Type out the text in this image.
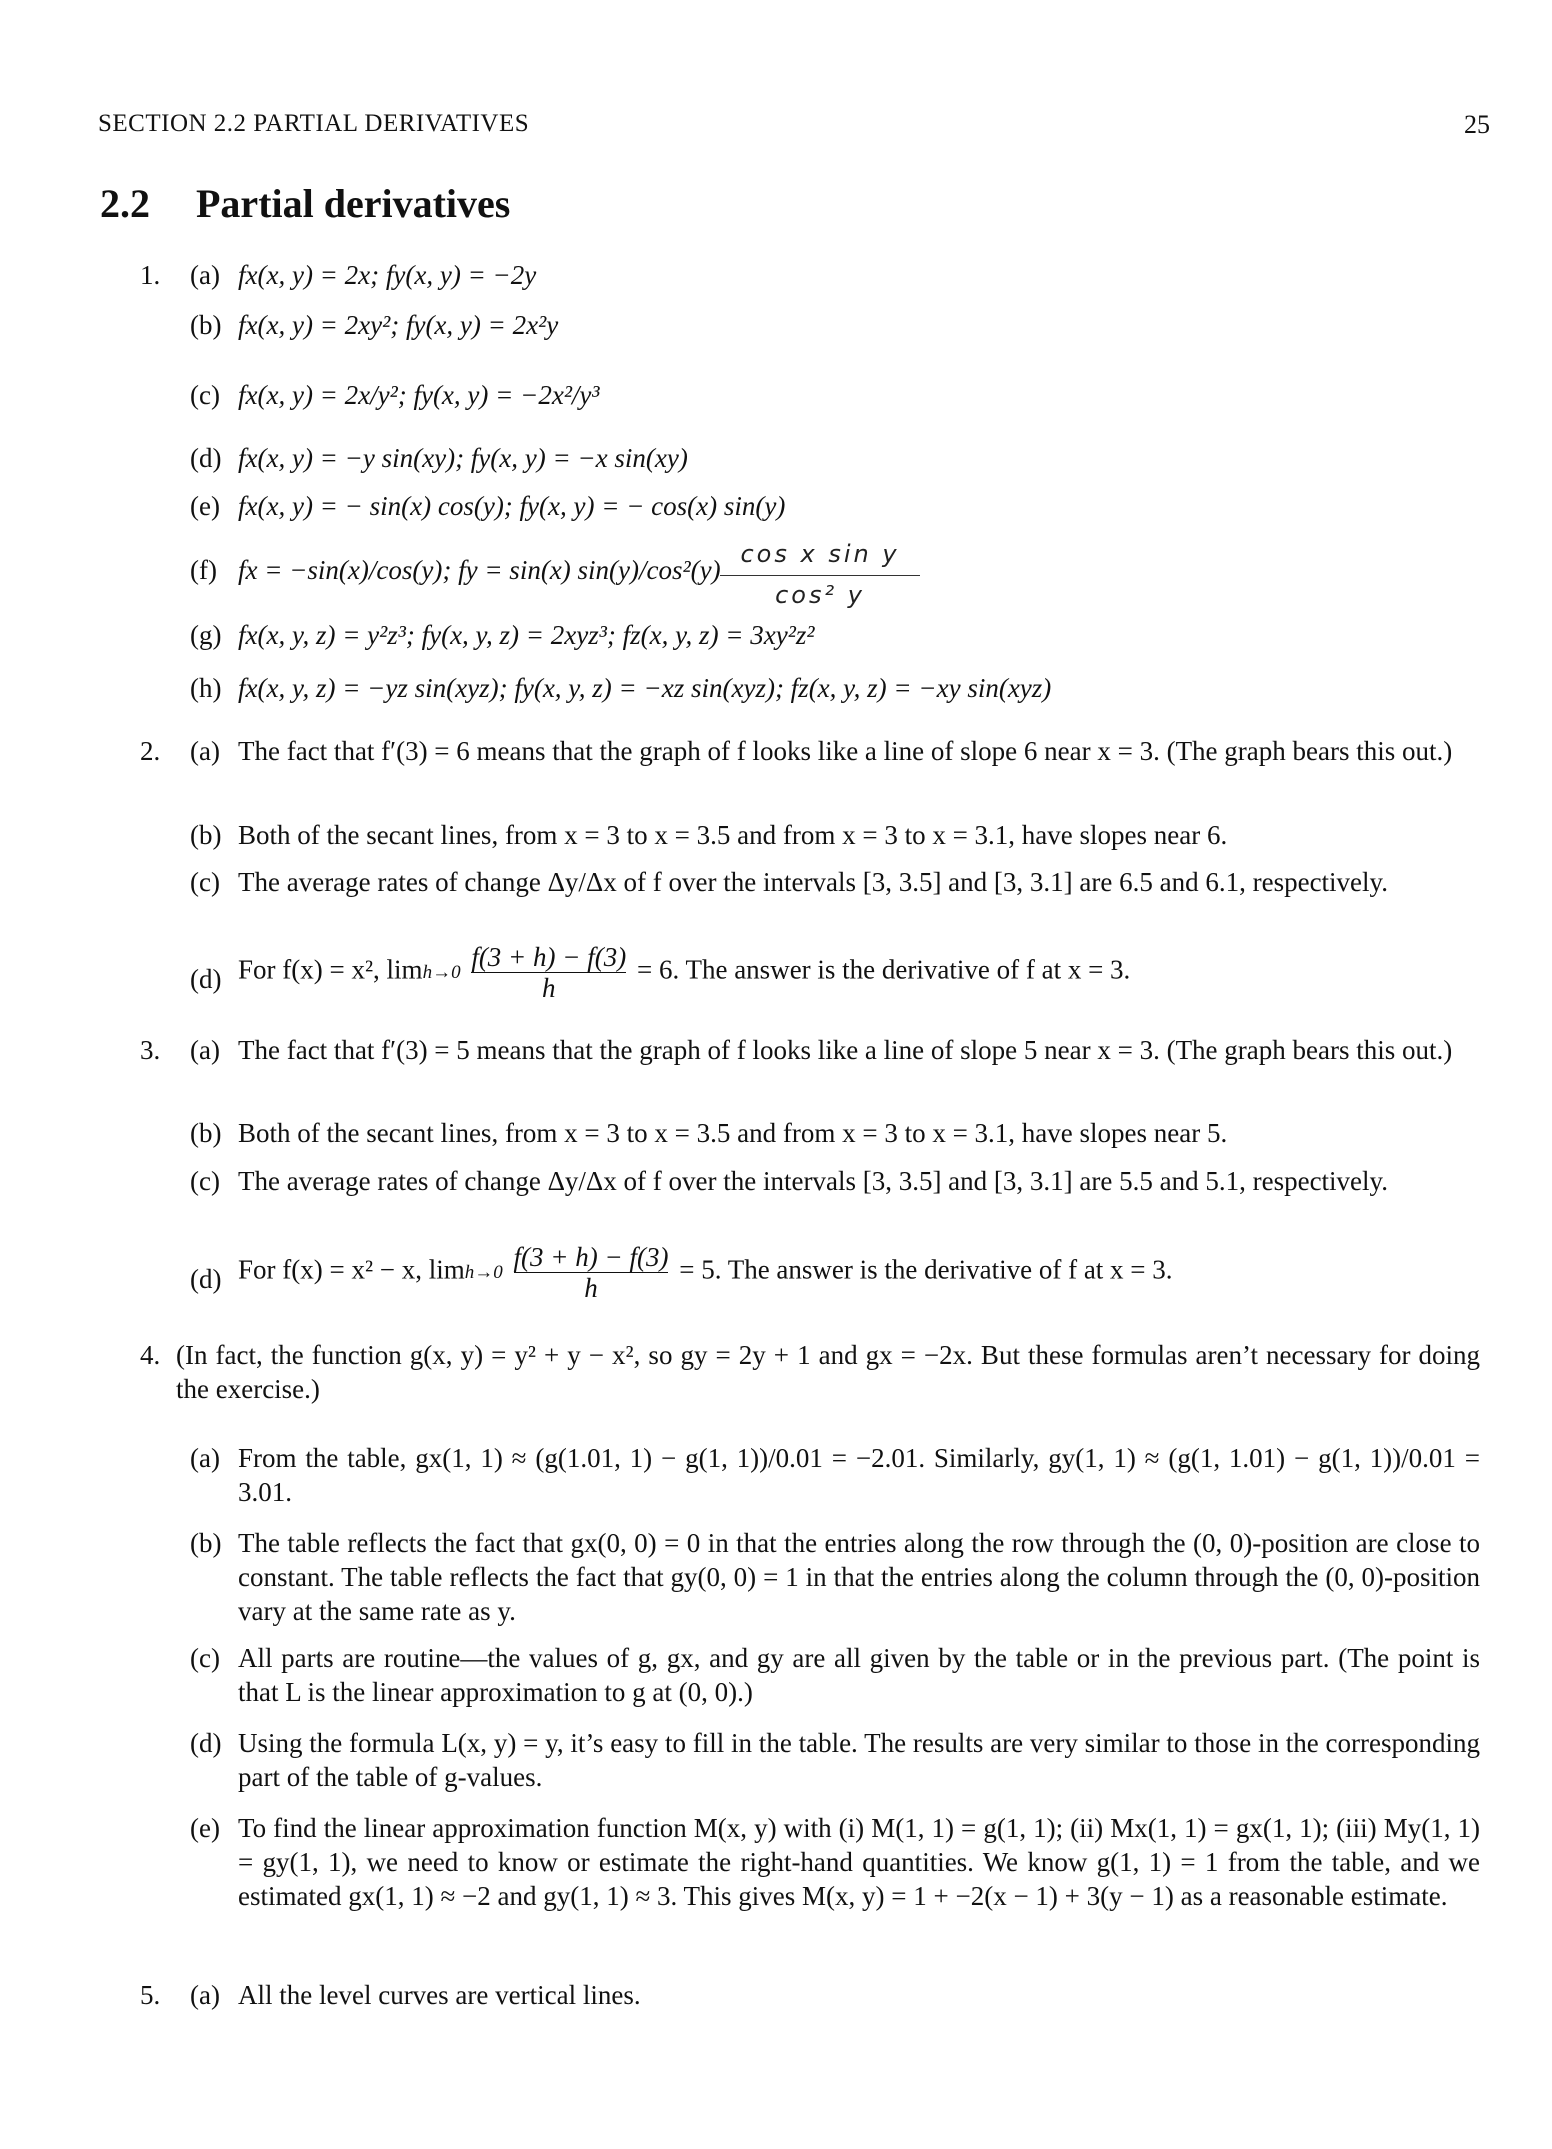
SECTION 2.2 PARTIAL DERIVATIVES	25
2.2 Partial derivatives
1.	(a) fx(x, y) = 2x; fy(x, y) = −2y
(b) fx(x, y) = 2xy²; fy(x, y) = 2x²y
(c) fx(x, y) = 2x/y²; fy(x, y) = −2x²/y³
(d) fx(x, y) = −y sin(xy); fy(x, y) = −x sin(xy)
(e) fx(x, y) = − sin(x) cos(y); fy(x, y) = − cos(x) sin(y)
(f) fx = −sin(x)/cos(y); fy = sin(x) $\sin(y)/\cos^2(y) \frac{\text{cos x sin y}}{\text{cos² y}}$
(g) fx(x, y, z) = y²z³; fy(x, y, z) = 2xyz³; fz(x, y, z) = 3xy²z²
(h) fx(x, y, z) = −yz sin(xyz); fy(x, y, z) = −xz sin(xyz); fz(x, y, z) = −xy sin(xyz)
2.	(a) The fact that f′(3) = 6 means that the graph of f looks like a line of slope 6 near x = 3. (The graph bears this out.)
(b) Both of the secant lines, from x = 3 to x = 3.5 and from x = 3 to x = 3.1, have slopes near 6.
(c) The average rates of change Δy/Δx of f over the intervals [3, 3.5] and [3, 3.1] are 6.5 and 6.1, respectively.
(d) For f(x) = x², lim h→0
$\frac{f(3 + h) - f(3)}{h} = 6$. The answer is the derivative of f at x = 3.
3.	(a) The fact that f′(3) = 5 means that the graph of f looks like a line of slope 5 near x = 3. (The graph bears this out.)
(b) Both of the secant lines, from x = 3 to x = 3.5 and from x = 3 to x = 3.1, have slopes near 5.
(c) The average rates of change Δy/Δx of f over the intervals [3, 3.5] and [3, 3.1] are 5.5 and 5.1, respectively.
(d) For f(x) = x² − x, lim h→0
$\frac{f(3 + h) - f(3)}{h} = 5$. The answer is the derivative of f at x = 3.
4. (In fact, the function g(x, y) = y² + y − x², so gy = 2y + 1 and gx = −2x. But these formulas aren’t necessary for doing the exercise.)
(a) From the table, gx(1, 1) ≈ (g(1.01, 1) − g(1, 1))/0.01 = −2.01. Similarly, gy(1, 1) ≈ (g(1, 1.01) − g(1, 1))/0.01 = 3.01.
(b) The table reflects the fact that gx(0, 0) = 0 in that the entries along the row through the (0, 0)-position are close to constant. The table reflects the fact that gy(0, 0) = 1 in that the entries along the column through the (0, 0)-position vary at the same rate as y.
(c) All parts are routine—the values of g, gx, and gy are all given by the table or in the previous part. (The point is that L is the linear approximation to g at (0, 0).)
(d) Using the formula L(x, y) = y, it’s easy to fill in the table. The results are very similar to those in the corresponding part of the table of g-values.
(e) To find the linear approximation function M(x, y) with (i) M(1, 1) = g(1, 1); (ii) Mx(1, 1) = gx(1, 1); (iii) My(1, 1) = gy(1, 1), we need to know or estimate the right-hand quantities. We know g(1, 1) = 1 from the table, and we estimated gx(1, 1) ≈ −2 and gy(1, 1) ≈ 3. This gives M(x, y) = 1 + −2(x − 1) + 3(y − 1) as a reasonable estimate.
5.	(a) All the level curves are vertical lines.
